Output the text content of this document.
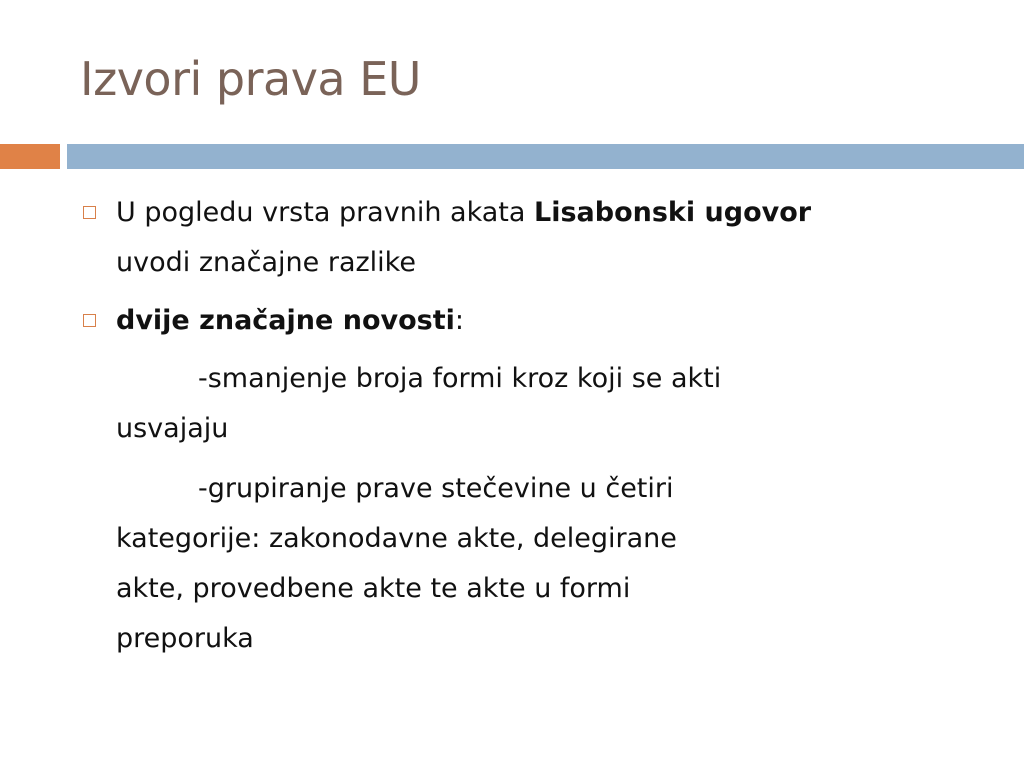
Izvori prava EU
U pogledu vrsta pravnih akata Lisabonski ugovor
uvodi značajne razlike
dvije značajne novosti:
-smanjenje broja formi kroz koji se akti
usvajaju
-grupiranje prave stečevine u četiri
kategorije: zakonodavne akte, delegirane
akte, provedbene akte te akte u formi
preporuka
